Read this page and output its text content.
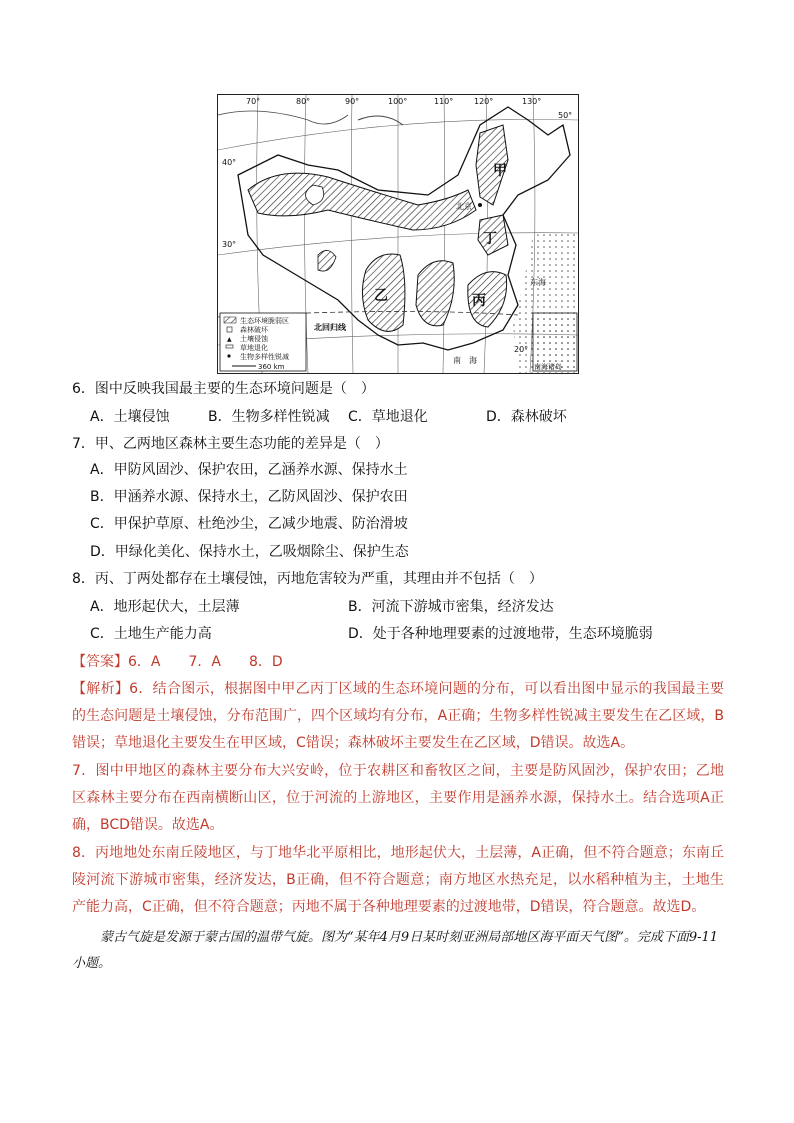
70°	80°	90°	100°	110°	120°	130°
50°
40°
30°
20°
甲
乙	丙
丁
北京
东海
南　海
北回归线
南海诸岛
生态环境脆弱区
森林破坏
▲ 土壤侵蚀
草地退化
生物多样性锐减
360 km
6．图中反映我国最主要的生态环境问题是（　）
A．土壤侵蚀	B．生物多样性锐减 C．草地退化	D．森林破坏
7．甲、乙两地区森林主要生态功能的差异是（　）
A．甲防风固沙、保护农田，乙涵养水源、保持水土
B．甲涵养水源、保持水土，乙防风固沙、保护农田
C．甲保护草原、杜绝沙尘，乙减少地震、防治滑坡
D．甲绿化美化、保持水土，乙吸烟除尘、保护生态
8．丙、丁两处都存在土壤侵蚀，丙地危害较为严重，其理由并不包括（　）
A．地形起伏大，土层薄	B．河流下游城市密集，经济发达
C．土地生产能力高	D．处于各种地理要素的过渡地带，生态环境脆弱
【答案】6．A　　7．A　　8．D
【解析】6．结合图示，根据图中甲乙丙丁区域的生态环境问题的分布，可以看出图中显示的我国最主要的生态问题是土壤侵蚀，分布范围广，四个区域均有分布，A正确；生物多样性锐减主要发生在乙区域，B错误；草地退化主要发生在甲区域，C错误；森林破坏主要发生在乙区域，D错误。故选A。
7．图中甲地区的森林主要分布大兴安岭，位于农耕区和畜牧区之间，主要是防风固沙，保护农田；乙地区森林主要分布在西南横断山区，位于河流的上游地区，主要作用是涵养水源，保持水土。结合选项A正确，BCD错误。故选A。
8．丙地地处东南丘陵地区，与丁地华北平原相比，地形起伏大，土层薄，A正确，但不符合题意；东南丘陵河流下游城市密集，经济发达，B正确，但不符合题意；南方地区水热充足，以水稻种植为主，土地生产能力高，C正确，但不符合题意；丙地不属于各种地理要素的过渡地带，D错误，符合题意。故选D。
蒙古气旋是发源于蒙古国的温带气旋。图为“某年4月9日某时刻亚洲局部地区海平面天气图”。完成下面9-11小题。
